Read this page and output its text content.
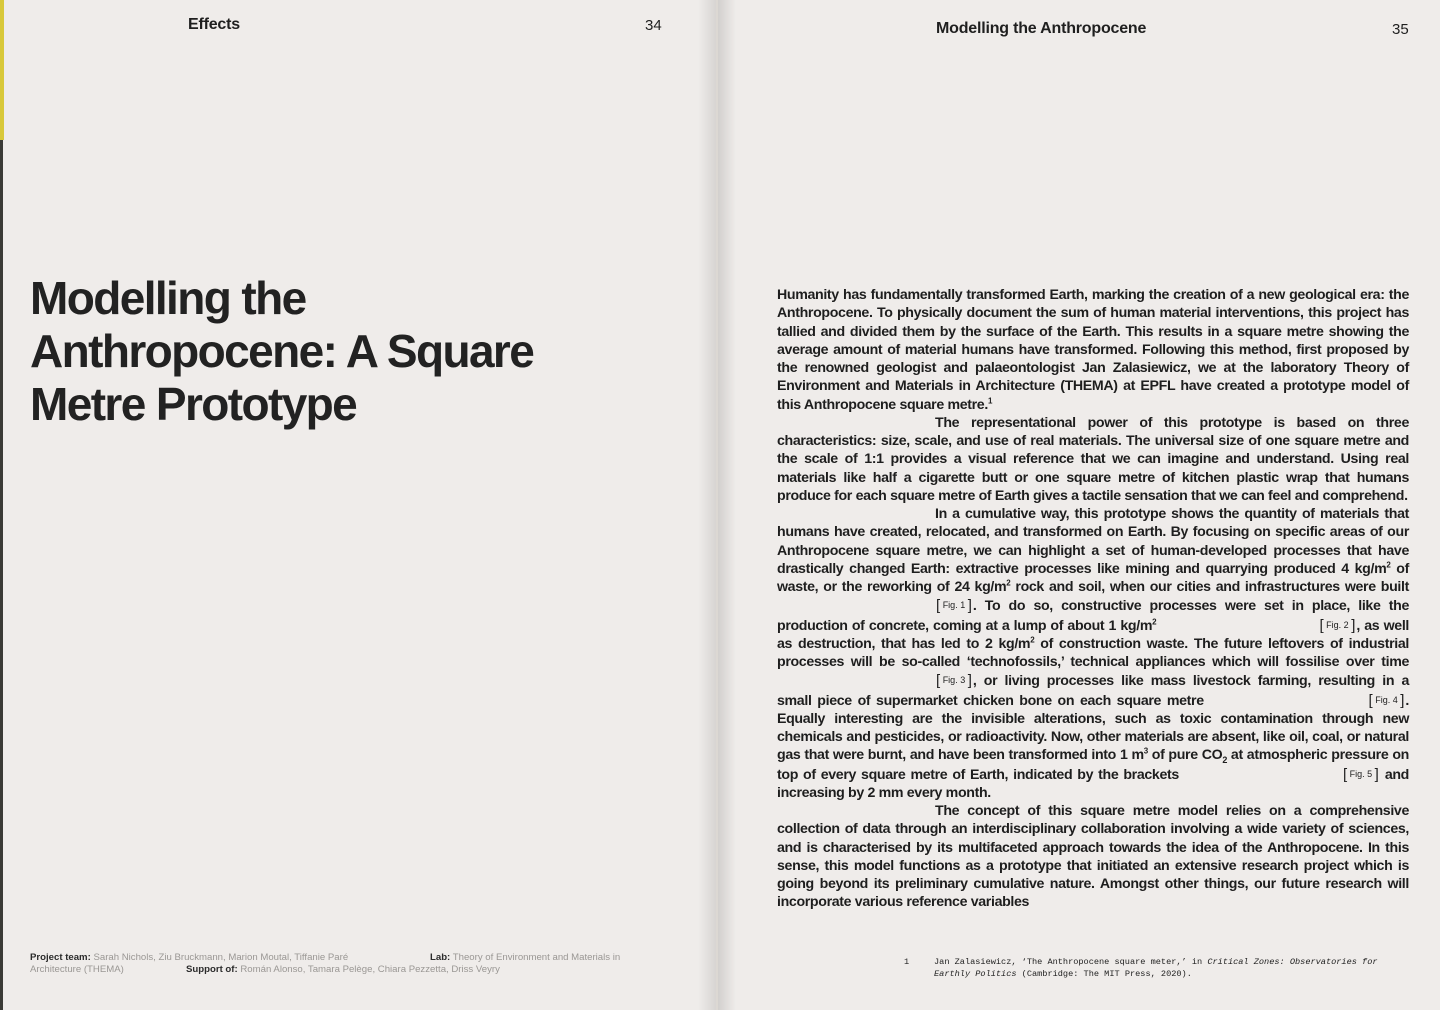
Effects	34
Modelling the
Anthropocene: A Square
Metre Prototype
Project team: Sarah Nichols, Ziu Bruckmann, Marion Moutal, Tiffanie Paré	Lab: Theory of Environment and Materials in
Architecture (THEMA)	Support of: Román Alonso, Tamara Pelège, Chiara Pezzetta, Driss Veyry
Modelling the Anthropocene	35

Humanity has fundamentally transformed Earth, marking the creation of a new geological era: the Anthropocene. To physically document the sum of human material interventions, this project has tallied and divided them by the surface of the Earth. This results in a square metre showing the average amount of material humans have transformed. Following this method, first proposed by the renowned geologist and palaeontologist Jan Zalasiewicz, we at the laboratory Theory of Environment and Materials in Architecture (THEMA) at EPFL have created a prototype model of this Anthropocene square metre.$^1$

The representational power of this prototype is based on three characteristics: size, scale, and use of real materials. The universal size of one square metre and the scale of 1:1 provides a visual reference that we can imagine and understand. Using real materials like half a cigarette butt or one square metre of kitchen plastic wrap that humans produce for each square metre of Earth gives a tactile sensation that we can feel and comprehend.

In a cumulative way, this prototype shows the quantity of materials that humans have created, relocated, and transformed on Earth. By focusing on specific areas of our Anthropocene square metre, we can highlight a set of human-developed processes that have drastically changed Earth: extractive processes like mining and quarrying produced 4 $kg/m^2$ of waste, or the reworking of 24 $kg/m^2$ rock and soil, when our cities and infrastructures were built [ Fig. 1 ]. To do so, constructive processes were set in place, like the production of concrete, coming at a lump of about 1 $kg/m^2$	[ Fig. 2 ], as well as destruction, that has led to 2 $kg/m^2$ of construction waste. The future leftovers of industrial processes will be so-called ‘technofossils,’ technical appliances which will fossilise over time [ Fig. 3 ], or living processes like mass livestock farming, resulting in a small piece of supermarket chicken bone on each square metre	[ Fig. 4 ]. Equally interesting are the invisible alterations, such as toxic contamination through new chemicals and pesticides, or radioactivity. Now, other materials are absent, like oil, coal, or natural gas that were burnt, and have been transformed into 1 $m^3$ of pure $CO_2$ at atmospheric pressure on top of every square metre of Earth, indicated by the brackets	[ Fig. 5 ] and increasing by 2 mm every month.

The concept of this square metre model relies on a comprehensive collection of data through an interdisciplinary collaboration involving a wide variety of sciences, and is characterised by its multifaceted approach towards the idea of the Anthropocene. In this sense, this model functions as a prototype that initiated an extensive research project which is going beyond its preliminary cumulative nature. Amongst other things, our future research will incorporate various reference variables

1	Jan Zalasiewicz, ‘The Anthropocene square meter,’ in Critical Zones: Observatories for Earthly Politics (Cambridge: The MIT Press, 2020).
